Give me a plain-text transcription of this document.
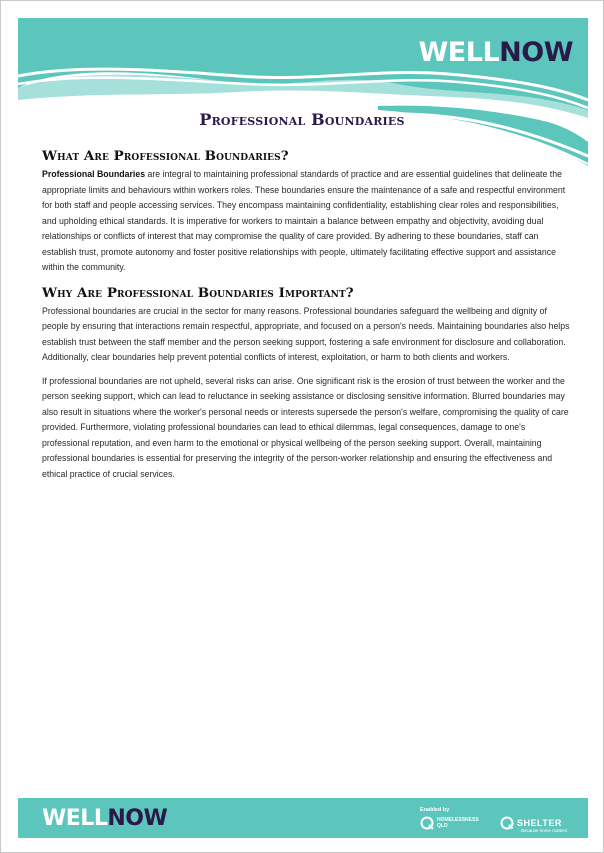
WELLNOW
Professional Boundaries
What Are Professional Boundaries?

Professional Boundaries are integral to maintaining professional standards of practice and are essential guidelines that delineate the appropriate limits and behaviours within workers roles. These boundaries ensure the maintenance of a safe and respectful environment for both staff and people accessing services. They encompass maintaining confidentiality, establishing clear roles and responsibilities, and upholding ethical standards. It is imperative for workers to maintain a balance between empathy and objectivity, avoiding dual relationships or conflicts of interest that may compromise the quality of care provided. By adhering to these boundaries, staff can establish trust, promote autonomy and foster positive relationships with people, ultimately facilitating effective support and assistance within the community.

Why Are Professional Boundaries Important?

Professional boundaries are crucial in the sector for many reasons. Professional boundaries safeguard the wellbeing and dignity of people by ensuring that interactions remain respectful, appropriate, and focused on a person's needs. Maintaining boundaries also helps establish trust between the staff member and the person seeking support, fostering a safe environment for disclosure and collaboration. Additionally, clear boundaries help prevent potential conflicts of interest, exploitation, or harm to both clients and workers.

If professional boundaries are not upheld, several risks can arise. One significant risk is the erosion of trust between the worker and the person seeking support, which can lead to reluctance in seeking assistance or disclosing sensitive information. Blurred boundaries may also result in situations where the worker's personal needs or interests supersede the person's welfare, compromising the quality of care provided. Furthermore, violating professional boundaries can lead to ethical dilemmas, legal consequences, damage to one's professional reputation, and even harm to the emotional or physical wellbeing of the person seeking support. Overall, maintaining professional boundaries is essential for preserving the integrity of the person-worker relationship and ensuring the effectiveness and ethical practice of crucial services.

WELLNOW	Enabled by
HOMELESSNESS QLD	SHELTER
Because home matters
